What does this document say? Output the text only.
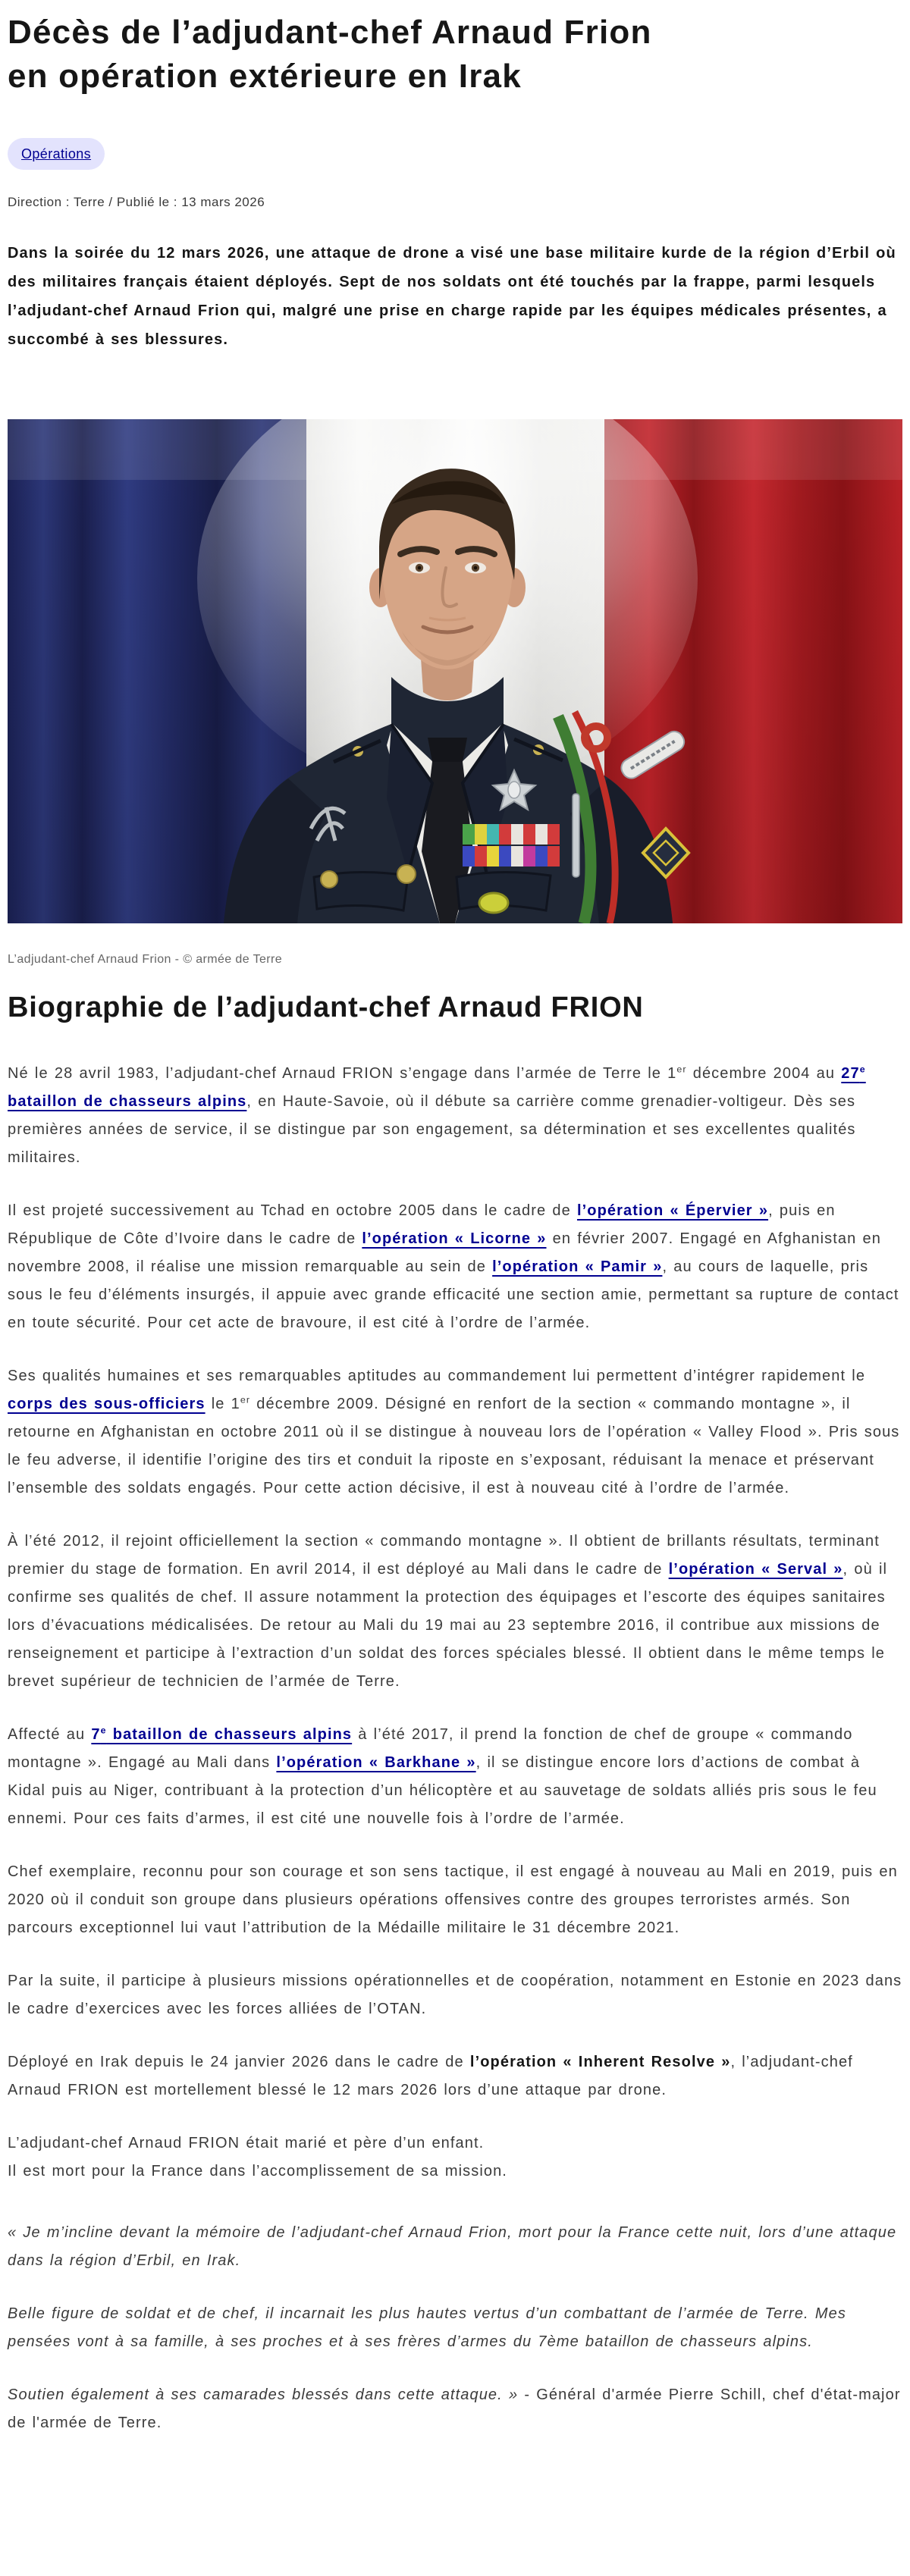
Décès de l’adjudant-chef Arnaud Frion
en opération extérieure en Irak
Opérations
Direction : Terre / Publié le : 13 mars 2026

Dans la soirée du 12 mars 2026, une attaque de drone a visé une base militaire kurde de la région d’Erbil où des militaires français étaient déployés. Sept de nos soldats ont été touchés par la frappe, parmi lesquels l’adjudant-chef Arnaud Frion qui, malgré une prise en charge rapide par les équipes médicales présentes, a succombé à ses blessures.

L’adjudant-chef Arnaud Frion - © armée de Terre
Biographie de l’adjudant-chef Arnaud FRION

Né le 28 avril 1983, l’adjudant-chef Arnaud FRION s’engage dans l’armée de Terre le 1er décembre 2004 au 27e bataillon de chasseurs alpins, en Haute-Savoie, où il débute sa carrière comme grenadier-voltigeur. Dès ses premières années de service, il se distingue par son engagement, sa détermination et ses excellentes qualités militaires.

Il est projeté successivement au Tchad en octobre 2005 dans le cadre de l’opération « Épervier », puis en République de Côte d’Ivoire dans le cadre de l’opération « Licorne » en février 2007. Engagé en Afghanistan en novembre 2008, il réalise une mission remarquable au sein de l’opération « Pamir », au cours de laquelle, pris sous le feu d’éléments insurgés, il appuie avec grande efficacité une section amie, permettant sa rupture de contact en toute sécurité. Pour cet acte de bravoure, il est cité à l’ordre de l’armée.

Ses qualités humaines et ses remarquables aptitudes au commandement lui permettent d’intégrer rapidement le corps des sous-officiers le 1er décembre 2009. Désigné en renfort de la section « commando montagne », il retourne en Afghanistan en octobre 2011 où il se distingue à nouveau lors de l’opération « Valley Flood ». Pris sous le feu adverse, il identifie l’origine des tirs et conduit la riposte en s’exposant, réduisant la menace et préservant l’ensemble des soldats engagés. Pour cette action décisive, il est à nouveau cité à l’ordre de l’armée.

À l’été 2012, il rejoint officiellement la section « commando montagne ». Il obtient de brillants résultats, terminant premier du stage de formation. En avril 2014, il est déployé au Mali dans le cadre de l’opération « Serval », où il confirme ses qualités de chef. Il assure notamment la protection des équipages et l’escorte des équipes sanitaires lors d’évacuations médicalisées. De retour au Mali du 19 mai au 23 septembre 2016, il contribue aux missions de renseignement et participe à l’extraction d’un soldat des forces spéciales blessé. Il obtient dans le même temps le brevet supérieur de technicien de l’armée de Terre.

Affecté au 7e bataillon de chasseurs alpins à l’été 2017, il prend la fonction de chef de groupe « commando montagne ». Engagé au Mali dans l’opération « Barkhane », il se distingue encore lors d’actions de combat à Kidal puis au Niger, contribuant à la protection d’un hélicoptère et au sauvetage de soldats alliés pris sous le feu ennemi. Pour ces faits d’armes, il est cité une nouvelle fois à l’ordre de l’armée.

Chef exemplaire, reconnu pour son courage et son sens tactique, il est engagé à nouveau au Mali en 2019, puis en 2020 où il conduit son groupe dans plusieurs opérations offensives contre des groupes terroristes armés. Son parcours exceptionnel lui vaut l’attribution de la Médaille militaire le 31 décembre 2021.

Par la suite, il participe à plusieurs missions opérationnelles et de coopération, notamment en Estonie en 2023 dans le cadre d’exercices avec les forces alliées de l’OTAN.

Déployé en Irak depuis le 24 janvier 2026 dans le cadre de l’opération « Inherent Resolve », l’adjudant-chef Arnaud FRION est mortellement blessé le 12 mars 2026 lors d’une attaque par drone.

L’adjudant-chef Arnaud FRION était marié et père d’un enfant.
Il est mort pour la France dans l’accomplissement de sa mission.

« Je m’incline devant la mémoire de l’adjudant-chef Arnaud Frion, mort pour la France cette nuit, lors d’une attaque dans la région d’Erbil, en Irak.

Belle figure de soldat et de chef, il incarnait les plus hautes vertus d’un combattant de l’armée de Terre. Mes pensées vont à sa famille, à ses proches et à ses frères d’armes du 7ème bataillon de chasseurs alpins.

Soutien également à ses camarades blessés dans cette attaque. » - Général d'armée Pierre Schill, chef d'état-major de l'armée de Terre.
